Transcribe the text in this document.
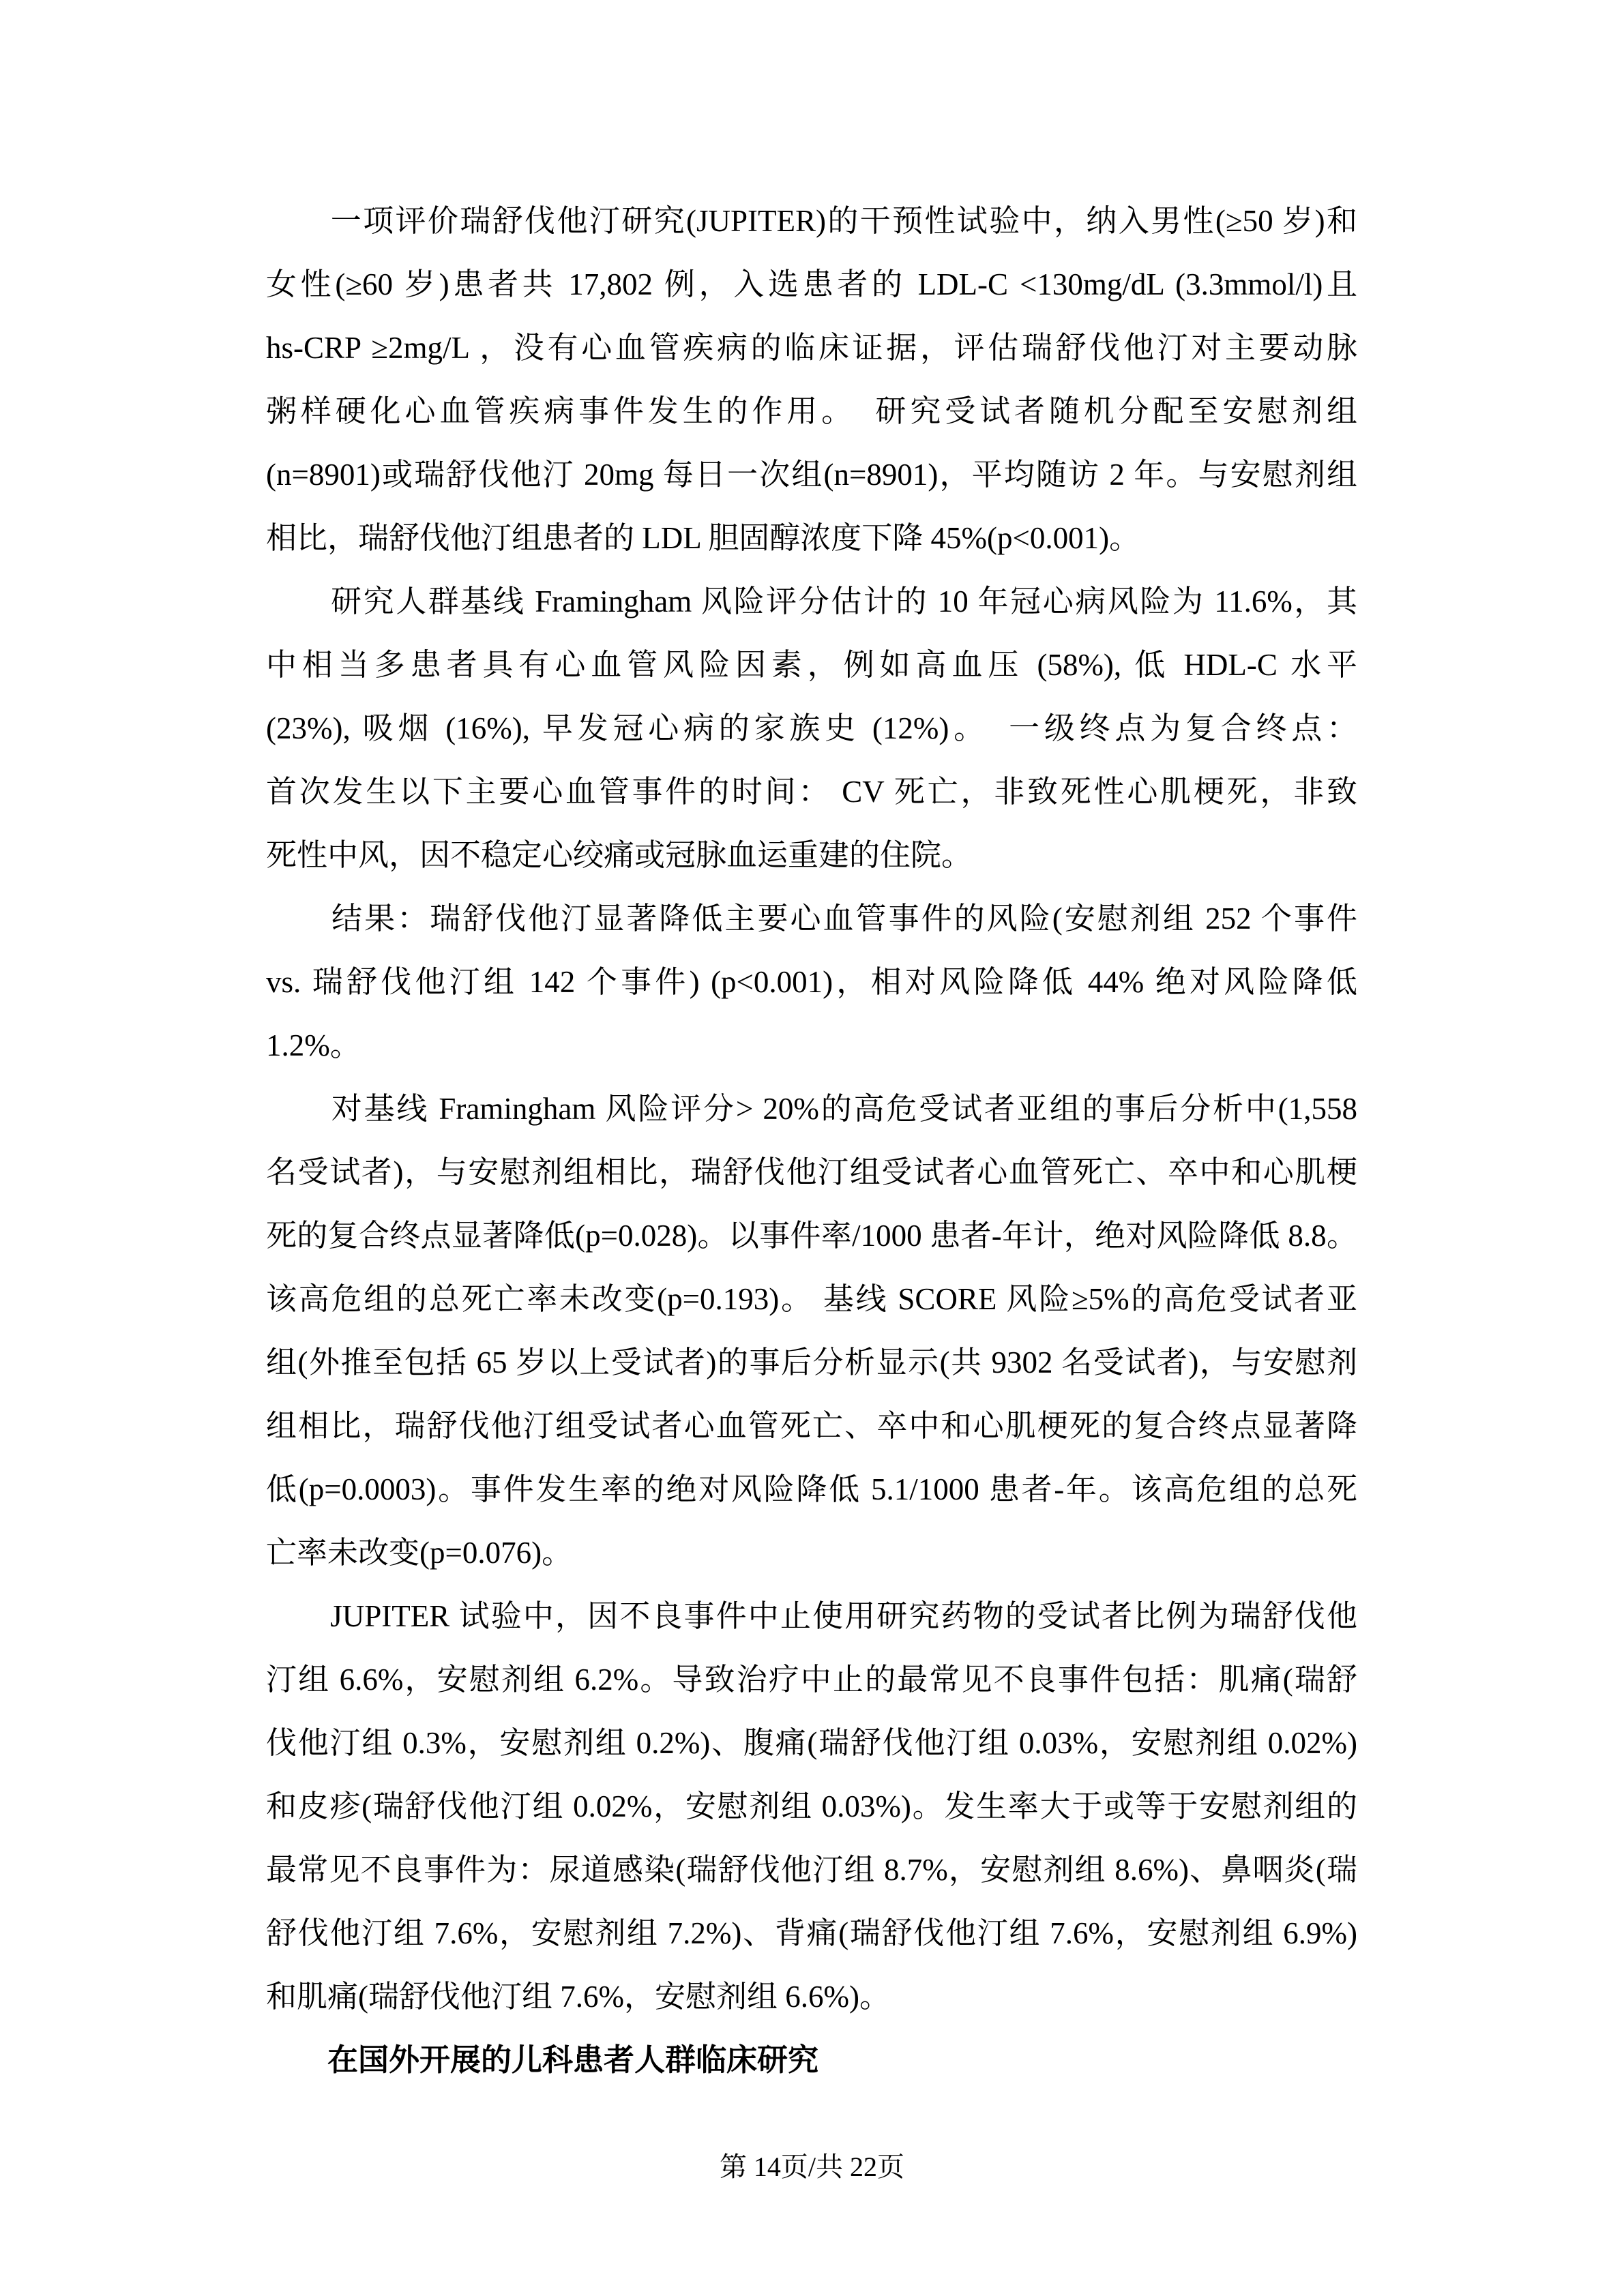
　　一项评价瑞舒伐他汀研究(JUPITER)的干预性试验中，纳入男性(≥50 岁)和
女性(≥60 岁)患者共 17,802 例，入选患者的 LDL-C <130mg/dL (3.3mmol/l)且
hs-CRP ≥2mg/L ，没有心血管疾病的临床证据，评估瑞舒伐他汀对主要动脉
粥样硬化心血管疾病事件发生的作用。　研究受试者随机分配至安慰剂组
(n=8901)或瑞舒伐他汀 20mg 每日一次组(n=8901)，平均随访 2 年。与安慰剂组
相比，瑞舒伐他汀组患者的 LDL 胆固醇浓度下降 45%(p<0.001)。
　　研究人群基线 Framingham 风险评分估计的 10 年冠心病风险为 11.6%，其
中相当多患者具有心血管风险因素，例如高血压 (58%), 低 HDL-C 水平
(23%), 吸烟 (16%), 早发冠心病的家族史 (12%)。　一级终点为复合终点：
首次发生以下主要心血管事件的时间： CV 死亡，非致死性心肌梗死，非致
死性中风，因不稳定心绞痛或冠脉血运重建的住院。
　　结果：瑞舒伐他汀显著降低主要心血管事件的风险(安慰剂组 252 个事件
vs. 瑞舒伐他汀组 142 个事件) (p<0.001)，相对风险降低 44% 绝对风险降低
1.2%。
　　对基线 Framingham 风险评分> 20%的高危受试者亚组的事后分析中(1,558
名受试者)，与安慰剂组相比，瑞舒伐他汀组受试者心血管死亡、卒中和心肌梗
死的复合终点显著降低(p=0.028)。以事件率/1000 患者-年计，绝对风险降低 8.8。
该高危组的总死亡率未改变(p=0.193)。 基线 SCORE 风险≥5%的高危受试者亚
组(外推至包括 65 岁以上受试者)的事后分析显示(共 9302 名受试者)，与安慰剂
组相比，瑞舒伐他汀组受试者心血管死亡、卒中和心肌梗死的复合终点显著降
低(p=0.0003)。事件发生率的绝对风险降低 5.1/1000 患者-年。该高危组的总死
亡率未改变(p=0.076)。
　　JUPITER 试验中，因不良事件中止使用研究药物的受试者比例为瑞舒伐他
汀组 6.6%，安慰剂组 6.2%。导致治疗中止的最常见不良事件包括：肌痛(瑞舒
伐他汀组 0.3%，安慰剂组 0.2%)、腹痛(瑞舒伐他汀组 0.03%，安慰剂组 0.02%)
和皮疹(瑞舒伐他汀组 0.02%，安慰剂组 0.03%)。发生率大于或等于安慰剂组的
最常见不良事件为：尿道感染(瑞舒伐他汀组 8.7%，安慰剂组 8.6%)、鼻咽炎(瑞
舒伐他汀组 7.6%，安慰剂组 7.2%)、背痛(瑞舒伐他汀组 7.6%，安慰剂组 6.9%)
和肌痛(瑞舒伐他汀组 7.6%，安慰剂组 6.6%)。
　　在国外开展的儿科患者人群临床研究
第 14页/共 22页
